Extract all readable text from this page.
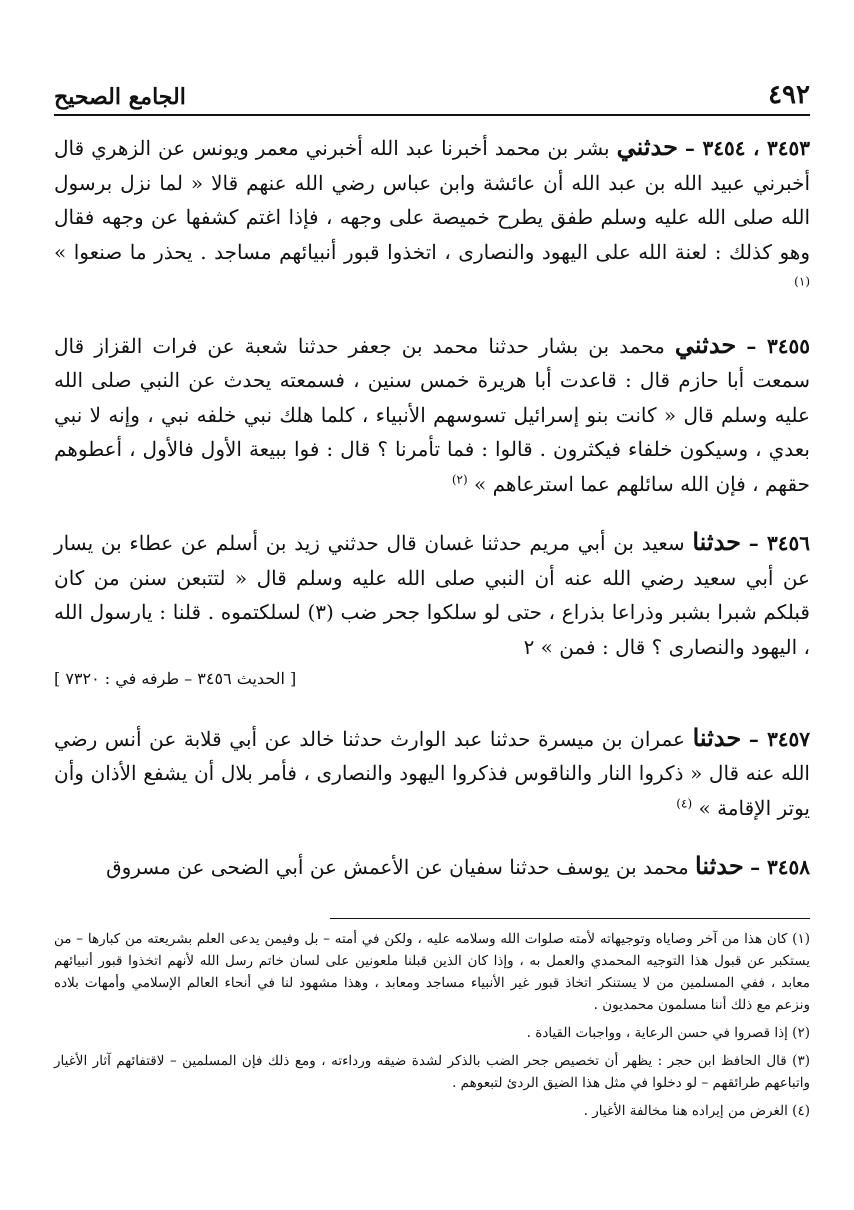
٤٩٢
الجامع الصحيح

٣٤٥٣ ، ٣٤٥٤ – حدثني بشر بن محمد أخبرنا عبد الله أخبرني معمر ويونس عن الزهري قال أخبرني عبيد الله بن عبد الله أن عائشة وابن عباس رضي الله عنهم قالا « لما نزل برسول الله صلى الله عليه وسلم طفق يطرح خميصة على وجهه ، فإذا اغتم كشفها عن وجهه فقال وهو كذلك : لعنة الله على اليهود والنصارى ، اتخذوا قبور أنبيائهم مساجد . يحذر ما صنعوا » $^{(١)}$

٣٤٥٥ – حدثني محمد بن بشار حدثنا محمد بن جعفر حدثنا شعبة عن فرات القزاز قال سمعت أبا حازم قال : قاعدت أبا هريرة خمس سنين ، فسمعته يحدث عن النبي صلى الله عليه وسلم قال « كانت بنو إسرائيل تسوسهم الأنبياء ، كلما هلك نبي خلفه نبي ، وإنه لا نبي بعدي ، وسيكون خلفاء فيكثرون . قالوا : فما تأمرنا ؟ قال : فوا ببيعة الأول فالأول ، أعطوهم حقهم ، فإن الله سائلهم عما استرعاهم » $^{(٢)}$

٣٤٥٦ – حدثنا سعيد بن أبي مريم حدثنا غسان قال حدثني زيد بن أسلم عن عطاء بن يسار عن أبي سعيد رضي الله عنه أن النبي صلى الله عليه وسلم قال « لتتبعن سنن من كان قبلكم شبرا بشبر وذراعا بذراع ، حتى لو سلكوا جحر ضب (٣) لسلكتموه . قلنا : يارسول الله ، اليهود والنصارى ؟ قال : فمن » ٢
[ الحديث ٣٤٥٦ – طرفه في : ٧٣٢٠ ]

٣٤٥٧ – حدثنا عمران بن ميسرة حدثنا عبد الوارث حدثنا خالد عن أبي قلابة عن أنس رضي الله عنه قال « ذكروا النار والناقوس فذكروا اليهود والنصارى ، فأمر بلال أن يشفع الأذان وأن يوتر الإقامة » $^{(٤)}$

٣٤٥٨ – حدثنا محمد بن يوسف حدثنا سفيان عن الأعمش عن أبي الضحى عن مسروق

(١) كان هذا من آخر وصاياه وتوجيهاته لأمته صلوات الله وسلامه عليه ، ولكن في أمته – بل وفيمن يدعى العلم بشريعته من كبارها – من يستكبر عن قبول هذا التوجيه المحمدي والعمل به ، وإذا كان الذين قبلنا ملعونين على لسان خاتم رسل الله لأنهم اتخذوا قبور أنبيائهم معابد ، ففي المسلمين من لا يستنكر اتخاذ قبور غير الأنبياء مساجد ومعابد ، وهذا مشهود لنا في أنحاء العالم الإسلامي وأمهات بلاده ونزعم مع ذلك أننا مسلمون محمديون .

(٢) إذا قصروا في حسن الرعاية ، وواجبات القيادة .

(٣) قال الحافظ ابن حجر : يظهر أن تخصيص جحر الضب بالذكر لشدة ضيقه ورداءته ، ومع ذلك فإن المسلمين – لاقتفائهم آثار الأغيار واتباعهم طرائقهم – لو دخلوا في مثل هذا الضيق الردئ لتبعوهم .

(٤) الغرض من إيراده هنا مخالفة الأغيار .
